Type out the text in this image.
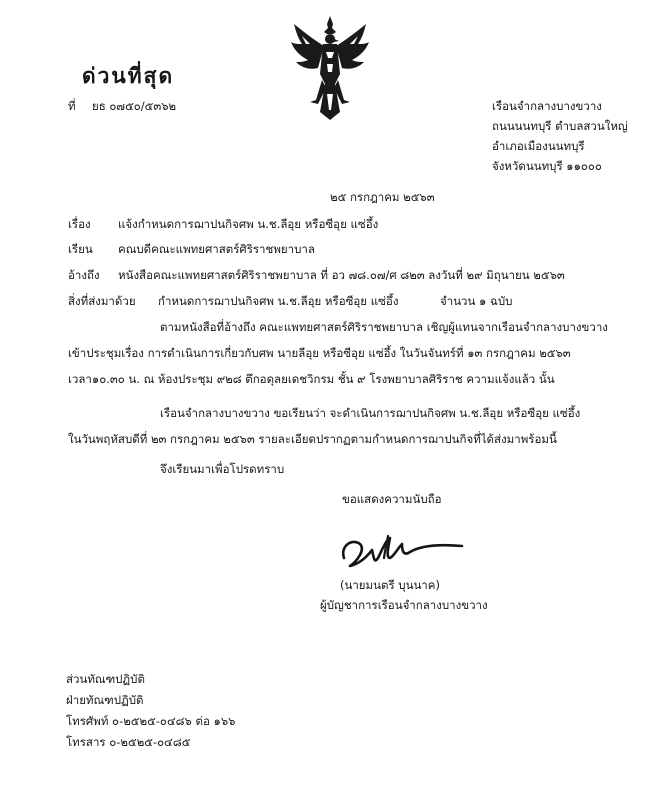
ด่วนที่สุด
ที่ ยธ ๐๗๕๐/๕๓๖๒	เรือนจำกลางบางขวาง
ถนนนนทบุรี ตำบลสวนใหญ่
อำเภอเมืองนนทบุรี
จังหวัดนนทบุรี ๑๑๐๐๐
๒๕ กรกฎาคม ๒๕๖๓
เรื่อง แจ้งกำหนดการฌาปนกิจศพ น.ช.ลีอุย หรือซีอุย แซ่อึ้ง
เรียน คณบดีคณะแพทยศาสตร์ศิริราชพยาบาล
อ้างถึง หนังสือคณะแพทยศาสตร์ศิริราชพยาบาล ที่ อว ๗๘.๐๗/ศ ๘๒๓ ลงวันที่ ๒๙ มิถุนายน ๒๕๖๓
สิ่งที่ส่งมาด้วย กำหนดการฌาปนกิจศพ น.ช.ลีอุย หรือซีอุย แซ่อึ้ง	จำนวน ๑ ฉบับ
ตามหนังสือที่อ้างถึง คณะแพทยศาสตร์ศิริราชพยาบาล เชิญผู้แทนจากเรือนจำกลางบางขวาง
เข้าประชุมเรื่อง การดำเนินการเกี่ยวกับศพ นายลีอุย หรือซีอุย แซ่อึ้ง ในวันจันทร์ที่ ๑๓ กรกฎาคม ๒๕๖๓
เวลา๑๐.๓๐ น. ณ ห้องประชุม ๙๒๘ ตึกอดุลยเดชวิกรม ชั้น ๙ โรงพยาบาลศิริราช ความแจ้งแล้ว นั้น
เรือนจำกลางบางขวาง ขอเรียนว่า จะดำเนินการฌาปนกิจศพ น.ช.ลีอุย หรือซีอุย แซ่อึ้ง
ในวันพฤหัสบดีที่ ๒๓ กรกฎาคม ๒๕๖๓ รายละเอียดปรากฏตามกำหนดการฌาปนกิจที่ได้ส่งมาพร้อมนี้
จึงเรียนมาเพื่อโปรดทราบ
ขอแสดงความนับถือ
(นายมนตรี บุนนาค)
ผู้บัญชาการเรือนจำกลางบางขวาง
ส่วนทัณฑปฏิบัติ
ฝ่ายทัณฑปฏิบัติ
โทรศัพท์ ๐-๒๕๒๕-๐๔๘๖ ต่อ ๑๖๖
โทรสาร ๐-๒๕๒๕-๐๔๘๕
